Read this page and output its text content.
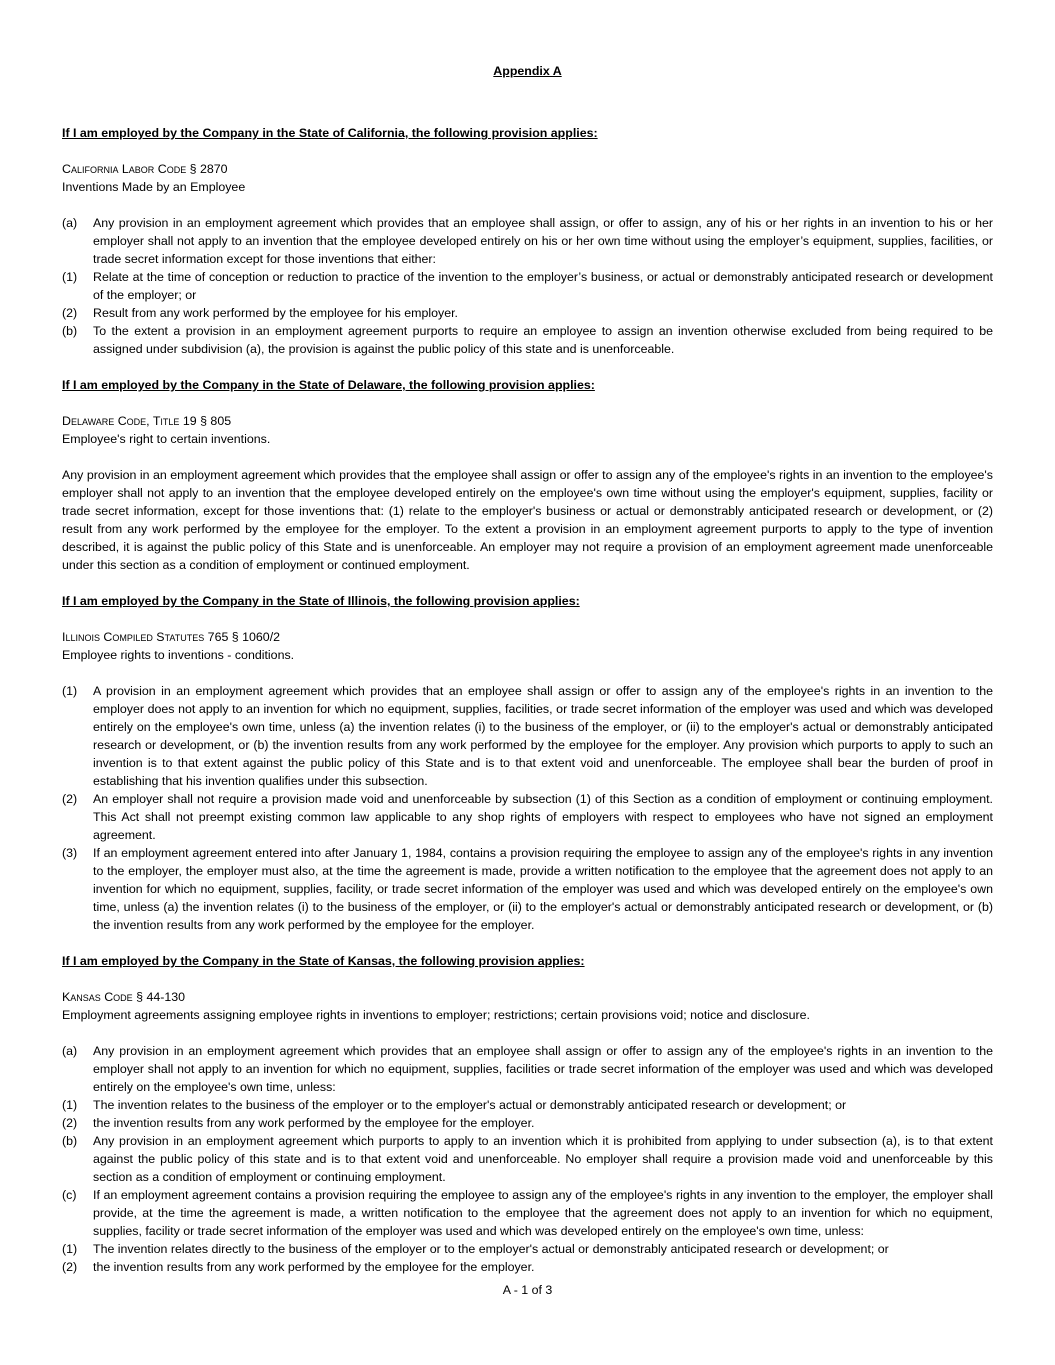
Appendix A

If I am employed by the Company in the State of California, the following provision applies:

California Labor Code § 2870

Inventions Made by an Employee

(a) Any provision in an employment agreement which provides that an employee shall assign, or offer to assign, any of his or her rights in an invention to his or her employer shall not apply to an invention that the employee developed entirely on his or her own time without using the employer’s equipment, supplies, facilities, or trade secret information except for those inventions that either:
(1) Relate at the time of conception or reduction to practice of the invention to the employer’s business, or actual or demonstrably anticipated research or development of the employer; or
(2) Result from any work performed by the employee for his employer.
(b) To the extent a provision in an employment agreement purports to require an employee to assign an invention otherwise excluded from being required to be assigned under subdivision (a), the provision is against the public policy of this state and is unenforceable.

If I am employed by the Company in the State of Delaware, the following provision applies:

Delaware Code, Title 19 § 805

Employee's right to certain inventions.

Any provision in an employment agreement which provides that the employee shall assign or offer to assign any of the employee's rights in an invention to the employee's employer shall not apply to an invention that the employee developed entirely on the employee's own time without using the employer's equipment, supplies, facility or trade secret information, except for those inventions that: (1) relate to the employer's business or actual or demonstrably anticipated research or development, or (2) result from any work performed by the employee for the employer. To the extent a provision in an employment agreement purports to apply to the type of invention described, it is against the public policy of this State and is unenforceable. An employer may not require a provision of an employment agreement made unenforceable under this section as a condition of employment or continued employment.

If I am employed by the Company in the State of Illinois, the following provision applies:

Illinois Compiled Statutes 765 § 1060/2

Employee rights to inventions - conditions.

(1) A provision in an employment agreement which provides that an employee shall assign or offer to assign any of the employee's rights in an invention to the employer does not apply to an invention for which no equipment, supplies, facilities, or trade secret information of the employer was used and which was developed entirely on the employee's own time, unless (a) the invention relates (i) to the business of the employer, or (ii) to the employer's actual or demonstrably anticipated research or development, or (b) the invention results from any work performed by the employee for the employer. Any provision which purports to apply to such an invention is to that extent against the public policy of this State and is to that extent void and unenforceable. The employee shall bear the burden of proof in establishing that his invention qualifies under this subsection.
(2) An employer shall not require a provision made void and unenforceable by subsection (1) of this Section as a condition of employment or continuing employment. This Act shall not preempt existing common law applicable to any shop rights of employers with respect to employees who have not signed an employment agreement.
(3) If an employment agreement entered into after January 1, 1984, contains a provision requiring the employee to assign any of the employee's rights in any invention to the employer, the employer must also, at the time the agreement is made, provide a written notification to the employee that the agreement does not apply to an invention for which no equipment, supplies, facility, or trade secret information of the employer was used and which was developed entirely on the employee's own time, unless (a) the invention relates (i) to the business of the employer, or (ii) to the employer's actual or demonstrably anticipated research or development, or (b) the invention results from any work performed by the employee for the employer.

If I am employed by the Company in the State of Kansas, the following provision applies:

Kansas Code § 44-130

Employment agreements assigning employee rights in inventions to employer; restrictions; certain provisions void; notice and disclosure.

(a) Any provision in an employment agreement which provides that an employee shall assign or offer to assign any of the employee's rights in an invention to the employer shall not apply to an invention for which no equipment, supplies, facilities or trade secret information of the employer was used and which was developed entirely on the employee's own time, unless:
(1) The invention relates to the business of the employer or to the employer's actual or demonstrably anticipated research or development; or
(2) the invention results from any work performed by the employee for the employer.
(b) Any provision in an employment agreement which purports to apply to an invention which it is prohibited from applying to under subsection (a), is to that extent against the public policy of this state and is to that extent void and unenforceable. No employer shall require a provision made void and unenforceable by this section as a condition of employment or continuing employment.
(c) If an employment agreement contains a provision requiring the employee to assign any of the employee's rights in any invention to the employer, the employer shall provide, at the time the agreement is made, a written notification to the employee that the agreement does not apply to an invention for which no equipment, supplies, facility or trade secret information of the employer was used and which was developed entirely on the employee's own time, unless:
(1) The invention relates directly to the business of the employer or to the employer's actual or demonstrably anticipated research or development; or
(2) the invention results from any work performed by the employee for the employer.
A - 1 of 3
